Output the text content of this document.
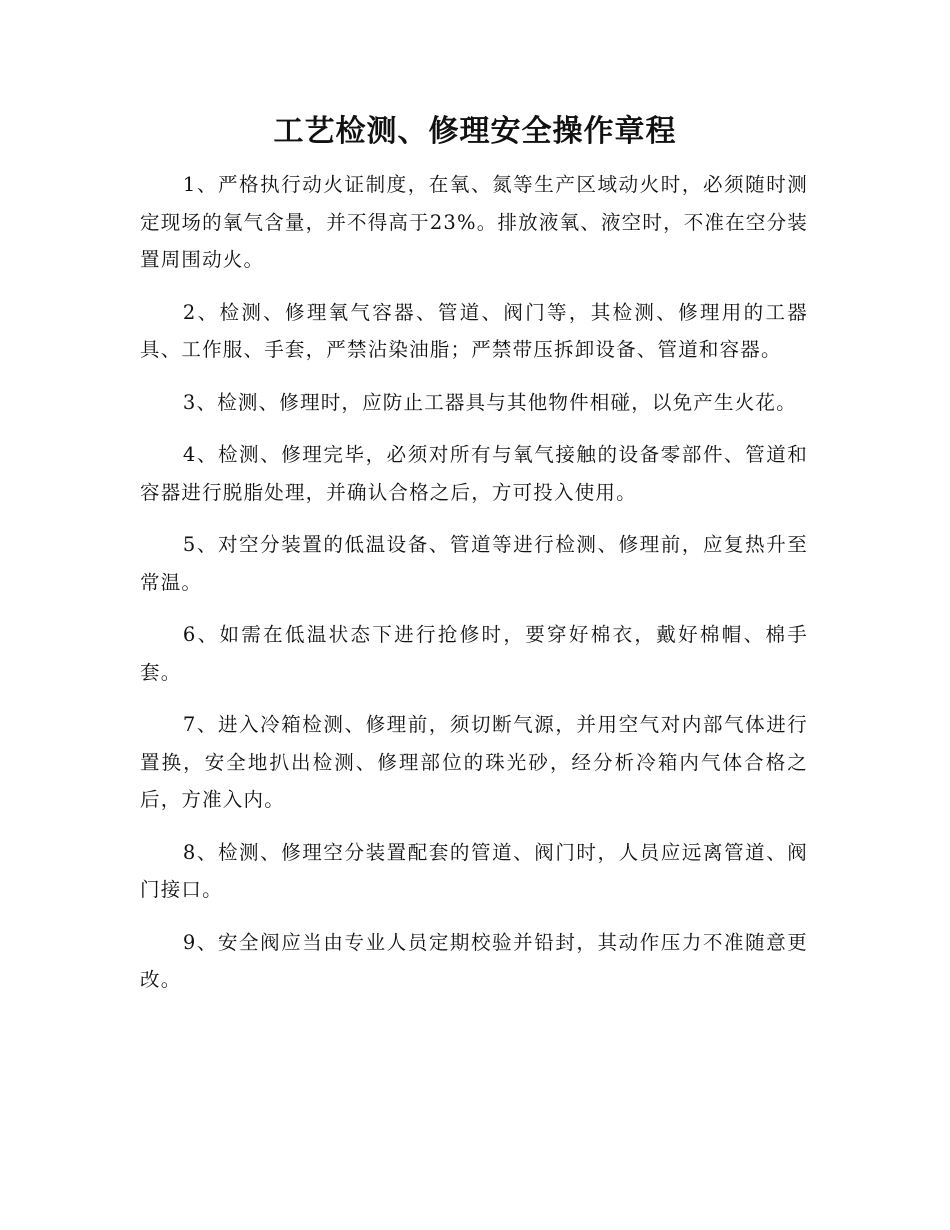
工艺检测、修理安全操作章程

1、严格执行动火证制度，在氧、氮等生产区域动火时，必须随时测定现场的氧气含量，并不得高于23%。排放液氧、液空时，不准在空分装置周围动火。

2、检测、修理氧气容器、管道、阀门等，其检测、修理用的工器具、工作服、手套，严禁沾染油脂；严禁带压拆卸设备、管道和容器。

3、检测、修理时，应防止工器具与其他物件相碰，以免产生火花。

4、检测、修理完毕，必须对所有与氧气接触的设备零部件、管道和容器进行脱脂处理，并确认合格之后，方可投入使用。

5、对空分装置的低温设备、管道等进行检测、修理前，应复热升至常温。

6、如需在低温状态下进行抢修时，要穿好棉衣，戴好棉帽、棉手套。

7、进入冷箱检测、修理前，须切断气源，并用空气对内部气体进行置换，安全地扒出检测、修理部位的珠光砂，经分析冷箱内气体合格之后，方准入内。

8、检测、修理空分装置配套的管道、阀门时，人员应远离管道、阀门接口。

9、安全阀应当由专业人员定期校验并铅封，其动作压力不准随意更改。
